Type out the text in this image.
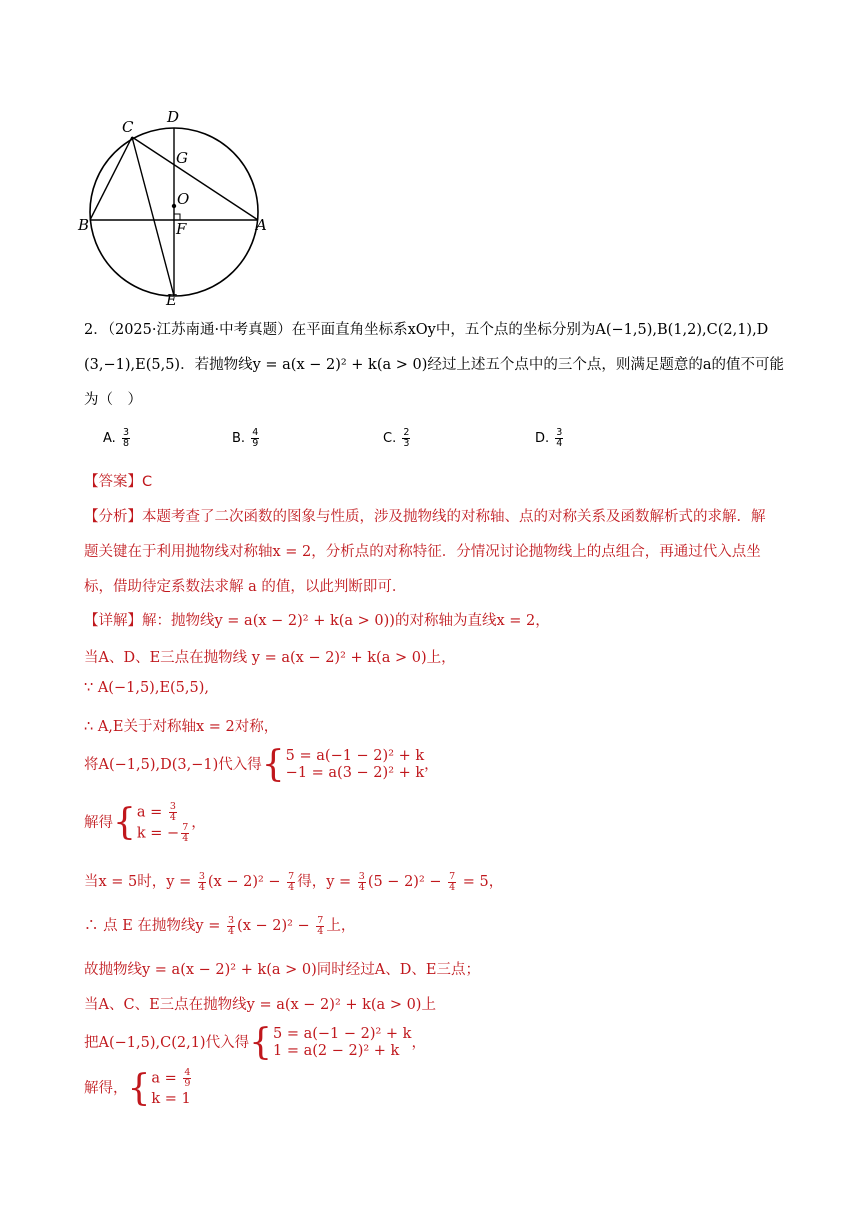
C
D
G
O
B	A
F
E
2．（2025·江苏南通·中考真题）在平面直角坐标系xOy中，五个点的坐标分别为A(−1,5),B(1,2),C(2,1),D
(3,−1),E(5,5)．若抛物线y = a(x − 2)² + k(a > 0)经过上述五个点中的三个点，则满足题意的a的值不可能
为（　）
A. $\frac{3}{8}$	B. $\frac{4}{9}$	C. $\frac{2}{3}$	D. $\frac{3}{4}$
【答案】C
【分析】本题考查了二次函数的图象与性质，涉及抛物线的对称轴、点的对称关系及函数解析式的求解．解
题关键在于利用抛物线对称轴x = 2，分析点的对称特征．分情况讨论抛物线上的点组合，再通过代入点坐
标，借助待定系数法求解 a 的值，以此判断即可．
【详解】解：抛物线y = a(x − 2)² + k(a > 0))的对称轴为直线x = 2，
当A、D、E三点在抛物线 y = a(x − 2)² + k(a > 0)上，
∵ A(−1,5),E(5,5),
∴ A,E关于对称轴x = 2对称，
将A(−1,5),D(3,−1)代入得 { 5 = a(−1 − 2)² + k
−1 = a(3 − 2)² + k ，
解得 { $a = \frac{3}{4}$
k = − $\frac{7}{4}$ ，
当x = 5时，$y = \frac{3}{4} (x - 2)^2 - \frac{7}{4}$ 得，$y = \frac{3}{4} (5 - 2)^2 - \frac{7}{4} = 5$，
∴ 点 E 在抛物线$y = \frac{3}{4} (x - 2)^2 - \frac{7}{4}$ 上，
故抛物线y = a(x − 2)² + k(a > 0)同时经过A、D、E三点；
当A、C、E三点在抛物线y = a(x − 2)² + k(a > 0)上
把A(−1,5),C(2,1)代入得 { 5 = a(−1 − 2)² + k
1 = a(2 − 2)² + k ，
解得， { $a = \frac{4}{9}$
k = 1
